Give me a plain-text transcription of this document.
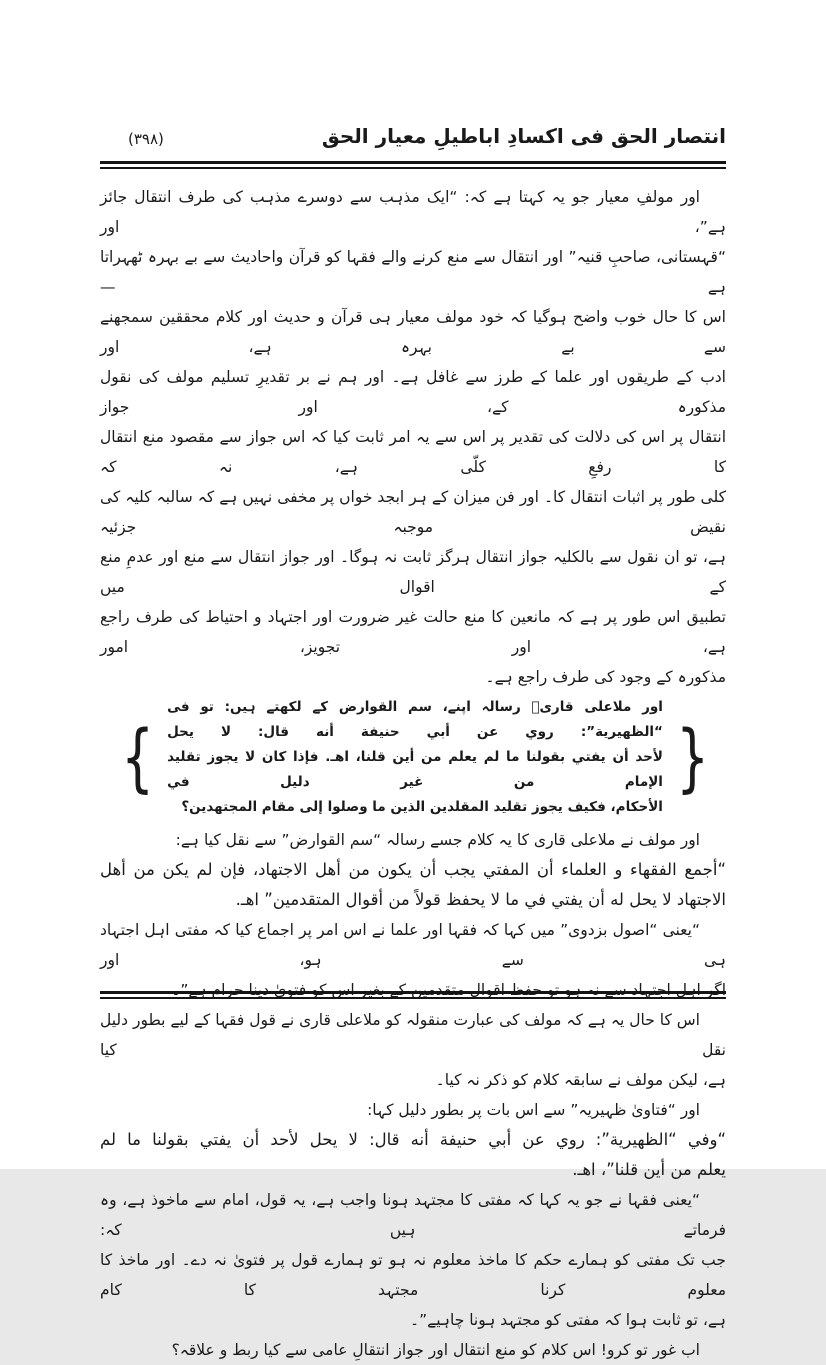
انتصار الحق فی اکسادِ اباطیلِ معیار الحق
(٣٩٨)
اور مولفِ معیار جو یہ کہتا ہے کہ: “ایک مذہب سے دوسرے مذہب کی طرف انتقال جائز ہے”، اور
“قہستانی، صاحبِ قنیہ” اور انتقال سے منع کرنے والے فقہا کو قرآن واحادیث سے بے بہرہ ٹھہراتا ہے —
اس کا حال خوب واضح ہوگیا کہ خود مولف معیار ہی قرآن و حدیث اور کلام محققین سمجھنے سے بے بہرہ ہے، اور
ادب کے طریقوں اور علما کے طرز سے غافل ہے۔ اور ہم نے بر تقدیرِ تسلیم مولف کی نقول مذکورہ کے، اور جواز
انتقال پر اس کی دلالت کی تقدیر پر اس سے یہ امر ثابت کیا کہ اس جواز سے مقصود منع انتقال کا رفعِ کلّی ہے، نہ کہ
کلی طور پر اثبات انتقال کا۔ اور فن میزان کے ہر ابجد خواں پر مخفی نہیں ہے کہ سالبہ کلیہ کی نقیض موجبہ جزئیہ
ہے، تو ان نقول سے بالکلیہ جواز انتقال ہرگز ثابت نہ ہوگا۔ اور جواز انتقال سے منع اور عدمِ منع کے اقوال میں
تطبیق اس طور پر ہے کہ مانعین کا منع حالت غیر ضرورت اور اجتہاد و احتیاط کی طرف راجع ہے، اور تجویز، امور
مذکورہ کے وجود کی طرف راجع ہے۔
{
اور ملاعلی قاریؒ رسالہ اپنے، سم القوارض کے لکھتے ہیں: تو فی “الظهيرية”: روي عن أبي حنيفة أنه قال: لا يحل
لأحد أن يفتي بقولنا ما لم يعلم من أين قلنا، اهـ. فإذا كان لا يجوز تقليد الإمام من غير دليل في
الأحكام، فكيف يجوز تقليد المقلدين الذين ما وصلوا إلى مقام المجتهدين؟
}
اور مولف نے ملاعلی قاری کا یہ کلام جسے رسالہ “سم القوارض” سے نقل کیا ہے:
“أجمع الفقهاء و العلماء أن المفتي يجب أن يكون من أهل الاجتهاد، فإن لم يكن من أهل
الاجتهاد لا يحل له أن يفتي في ما لا يحفظ قولاً من أقوال المتقدمين” اهـ.
“یعنی “اصول بزدوی” میں کہا کہ فقہا اور علما نے اس امر پر اجماع کیا کہ مفتی اہل اجتہاد ہی سے ہو، اور
اگر اہل اجتہاد سے نہ ہو تو حفظ اقوال متقدمین کے بغیر اس کو فتویٰ دینا حرام ہے”۔
اس کا حال یہ ہے کہ مولف کی عبارت منقولہ کو ملاعلی قاری نے قول فقہا کے لیے بطور دلیل نقل کیا
ہے، لیکن مولف نے سابقہ کلام کو ذکر نہ کیا۔
اور “فتاویٰ ظہیریہ” سے اس بات پر بطور دلیل کہا:
“وفي “الظهيرية”: روي عن أبي حنيفة أنه قال: لا يحل لأحد أن يفتي بقولنا ما لم
يعلم من أين قلنا”، اهـ.
“یعنی فقہا نے جو یہ کہا کہ مفتی کا مجتہد ہونا واجب ہے، یہ قول، امام سے ماخوذ ہے، وہ فرماتے ہیں کہ:
جب تک مفتی کو ہمارے حکم کا ماخذ معلوم نہ ہو تو ہمارے قول پر فتویٰ نہ دے۔ اور ماخذ کا معلوم کرنا مجتہد کا کام
ہے، تو ثابت ہوا کہ مفتی کو مجتہد ہونا چاہیے”۔
اب غور تو کرو! اس کلام کو منع انتقال اور جواز انتقالِ عامی سے کیا ربط و علاقہ؟
